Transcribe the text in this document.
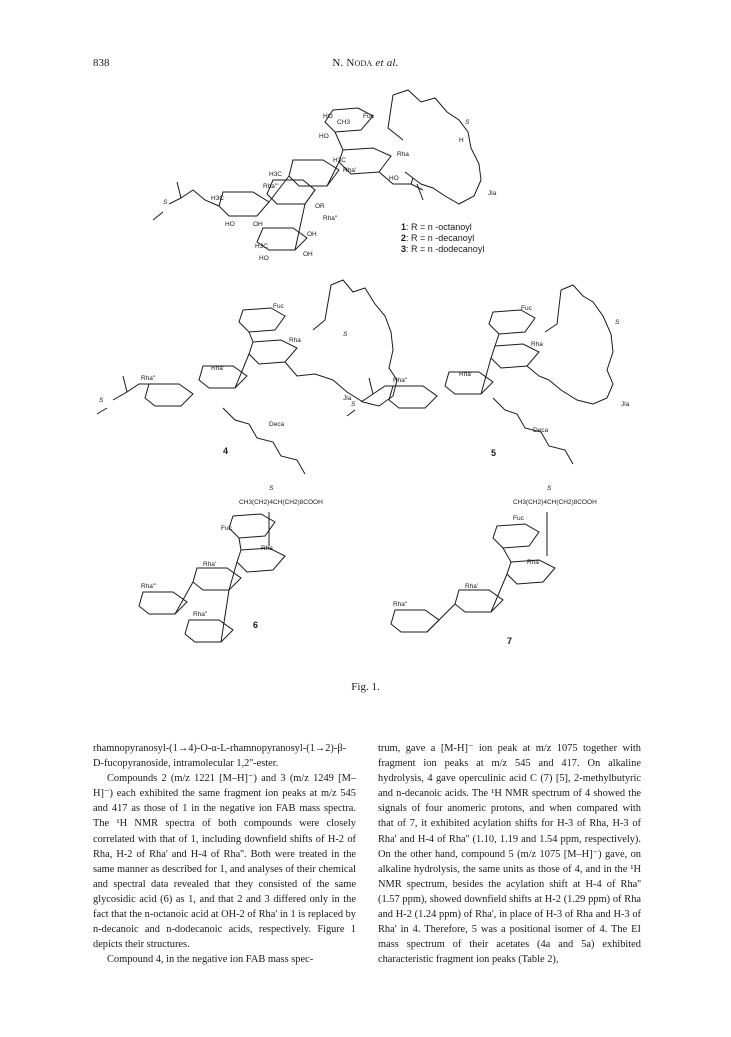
838	N. Noda et al.
Fuc
Rha
Rha'
Rha'''
Rha''
Jla
S
S
HO
CH3
HO
H3C
HO
H3C
H3C
OR
HO	OH
H3C
OH
HO
OH
H
1: R = n -octanoyl
2: R = n -decanoyl
3: R = n -dodecanoyl
Fuc
Rha
Rha'
Rha''
Jla
Deca
S
S
4
Fuc
Rha
Rha'
Rha''
Jla
Deca
S
S
5
S
CH3(CH2)4CH(CH2)8COOH
Fuc
Rha
Rha'
Rha'''
Rha''
6
S
CH3(CH2)4CH(CH2)8COOH
Fuc
Rha
Rha'
Rha''
7
Fig. 1.

rhamnopyranosyl-(1→4)-O-α-L-rhamnopyranosyl-(1→2)-β-D-fucopyranoside, intramolecular 1,2''-ester.

Compounds 2 (m/z 1221 [M–H]⁻) and 3 (m/z 1249 [M–H]⁻) each exhibited the same fragment ion peaks at m/z 545 and 417 as those of 1 in the negative ion FAB mass spectra. The ¹H NMR spectra of both compounds were closely correlated with that of 1, including downfield shifts of H-2 of Rha, H-2 of Rha' and H-4 of Rha''. Both were treated in the same manner as described for 1, and analyses of their chemical and spectral data revealed that they consisted of the same glycosidic acid (6) as 1, and that 2 and 3 differed only in the fact that the n-octanoic acid at OH-2 of Rha' in 1 is replaced by n-decanoic and n-dodecanoic acids, respectively. Figure 1 depicts their structures.

Compound 4, in the negative ion FAB mass spec-

trum, gave a [M-H]⁻ ion peak at m/z 1075 together with fragment ion peaks at m/z 545 and 417. On alkaline hydrolysis, 4 gave operculinic acid C (7) [5], 2-methylbutyric and n-decanoic acids. The ¹H NMR spectrum of 4 showed the signals of four anomeric protons, and when compared with that of 7, it exhibited acylation shifts for H-3 of Rha, H-3 of Rha' and H-4 of Rha'' (1.10, 1.19 and 1.54 ppm, respectively). On the other hand, compound 5 (m/z 1075 [M–H]⁻) gave, on alkaline hydrolysis, the same units as those of 4, and in the ¹H NMR spectrum, besides the acylation shift at H-4 of Rha'' (1.57 ppm), showed downfield shifts at H-2 (1.29 ppm) of Rha and H-2 (1.24 ppm) of Rha', in place of H-3 of Rha and H-3 of Rha' in 4. Therefore, 5 was a positional isomer of 4. The EI mass spectrum of their acetates (4a and 5a) exhibited characteristic fragment ion peaks (Table 2),
